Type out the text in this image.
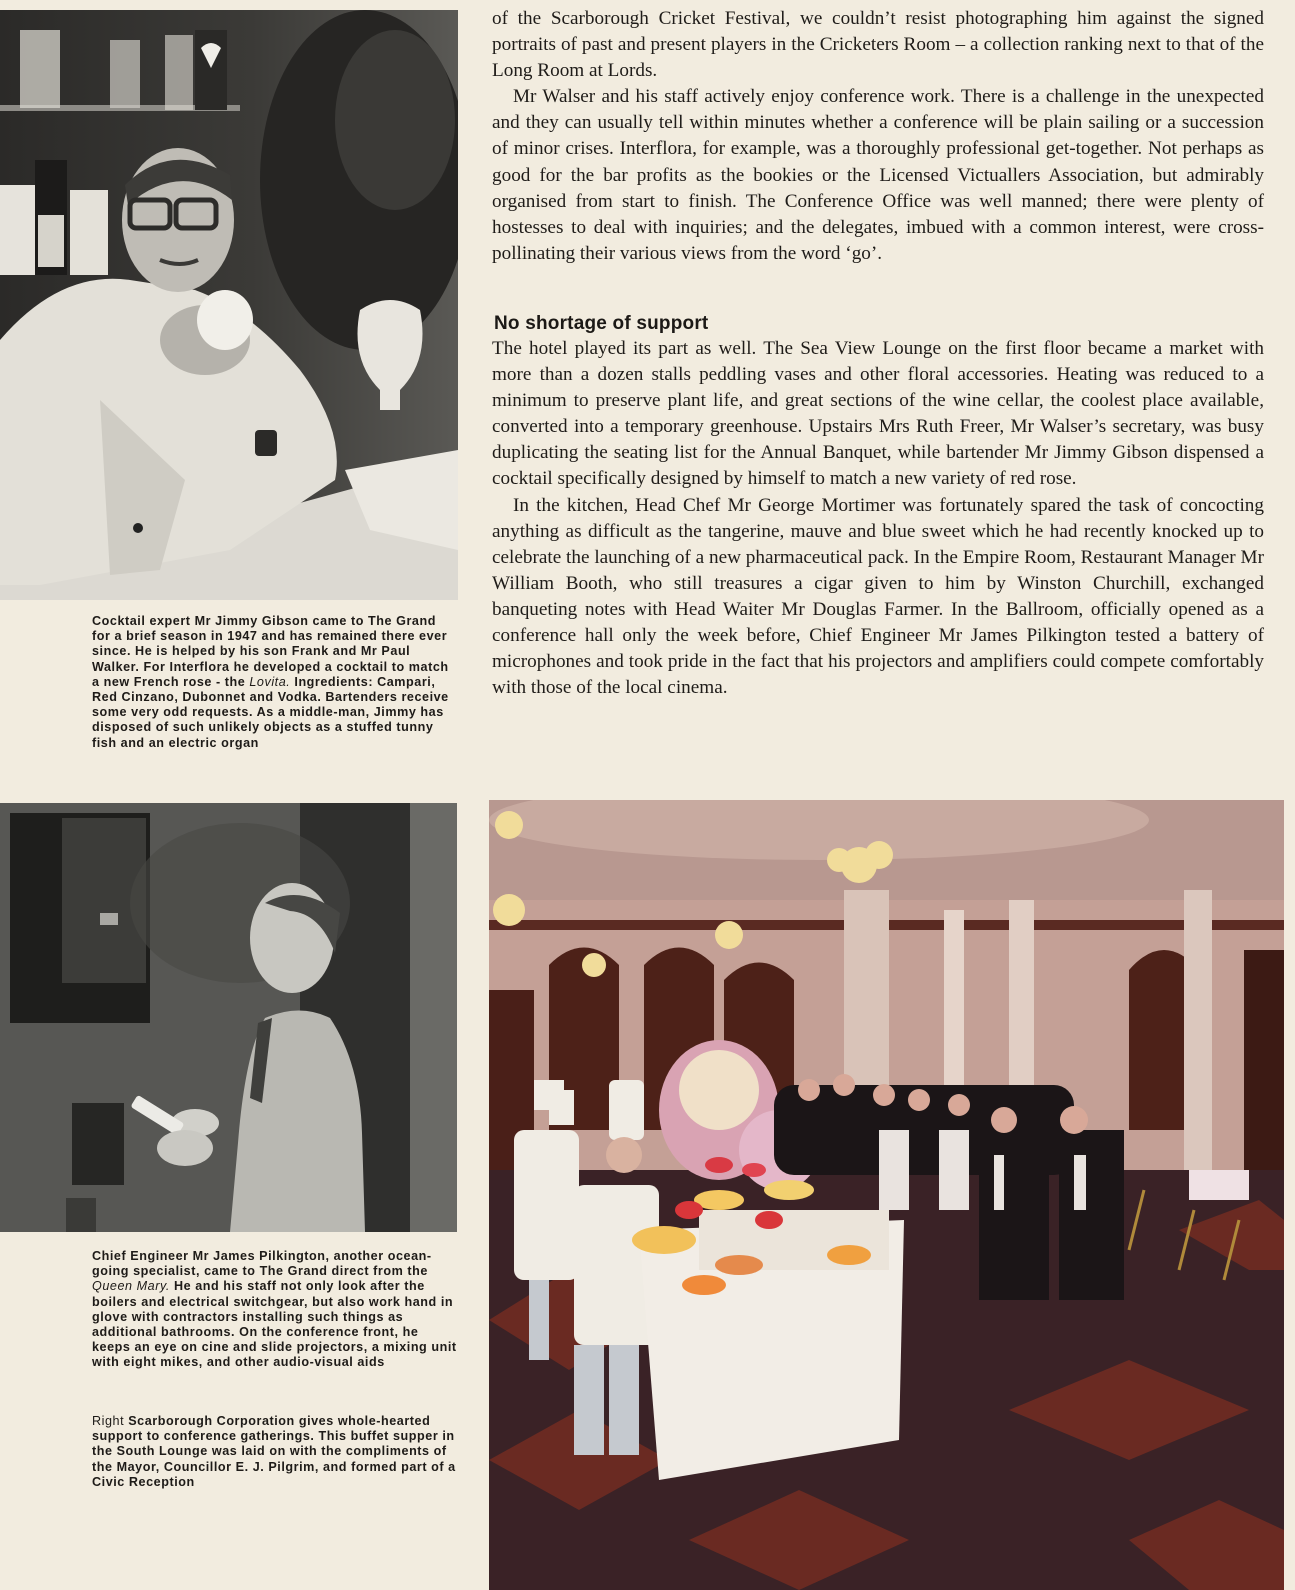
Cocktail expert Mr Jimmy Gibson came to The Grand for a brief season in 1947 and has remained there ever since. He is helped by his son Frank and Mr Paul Walker. For Interflora he developed a cocktail to match a new French rose - the Lovita. Ingredients: Campari, Red Cinzano, Dubonnet and Vodka. Bartenders receive some very odd requests. As a middle-man, Jimmy has disposed of such unlikely objects as a stuffed tunny fish and an electric organ
Chief Engineer Mr James Pilkington, another ocean-going specialist, came to The Grand direct from the Queen Mary. He and his staff not only look after the boilers and electrical switchgear, but also work hand in glove with contractors installing such things as additional bathrooms. On the conference front, he keeps an eye on cine and slide projectors, a mixing unit with eight mikes, and other audio-visual aids
Right Scarborough Corporation gives whole-hearted support to conference gatherings. This buffet supper in the South Lounge was laid on with the compliments of the Mayor, Councillor E. J. Pilgrim, and formed part of a Civic Reception

of the Scarborough Cricket Festival, we couldn’t resist photographing him against the signed portraits of past and present players in the Cricketers Room – a collection ranking next to that of the Long Room at Lords.

Mr Walser and his staff actively enjoy conference work. There is a challenge in the unexpected and they can usually tell within minutes whether a conference will be plain sailing or a succession of minor crises. Interflora, for example, was a thoroughly professional get-together. Not perhaps as good for the bar profits as the bookies or the Licensed Victuallers Association, but admirably organised from start to finish. The Conference Office was well manned; there were plenty of hostesses to deal with inquiries; and the delegates, imbued with a common interest, were cross-pollinating their various views from the word ‘go’.

No shortage of support

The hotel played its part as well. The Sea View Lounge on the first floor became a market with more than a dozen stalls peddling vases and other floral accessories. Heating was reduced to a minimum to preserve plant life, and great sections of the wine cellar, the coolest place available, converted into a temporary greenhouse. Upstairs Mrs Ruth Freer, Mr Walser’s secretary, was busy duplicating the seating list for the Annual Banquet, while bartender Mr Jimmy Gibson dispensed a cocktail specifically designed by himself to match a new variety of red rose.

In the kitchen, Head Chef Mr George Mortimer was fortunately spared the task of concocting anything as difficult as the tangerine, mauve and blue sweet which he had recently knocked up to celebrate the launching of a new pharmaceutical pack. In the Empire Room, Restaurant Manager Mr William Booth, who still treasures a cigar given to him by Winston Churchill, exchanged banqueting notes with Head Waiter Mr Douglas Farmer. In the Ballroom, officially opened as a conference hall only the week before, Chief Engineer Mr James Pilkington tested a battery of microphones and took pride in the fact that his projectors and amplifiers could compete comfortably with those of the local cinema.
